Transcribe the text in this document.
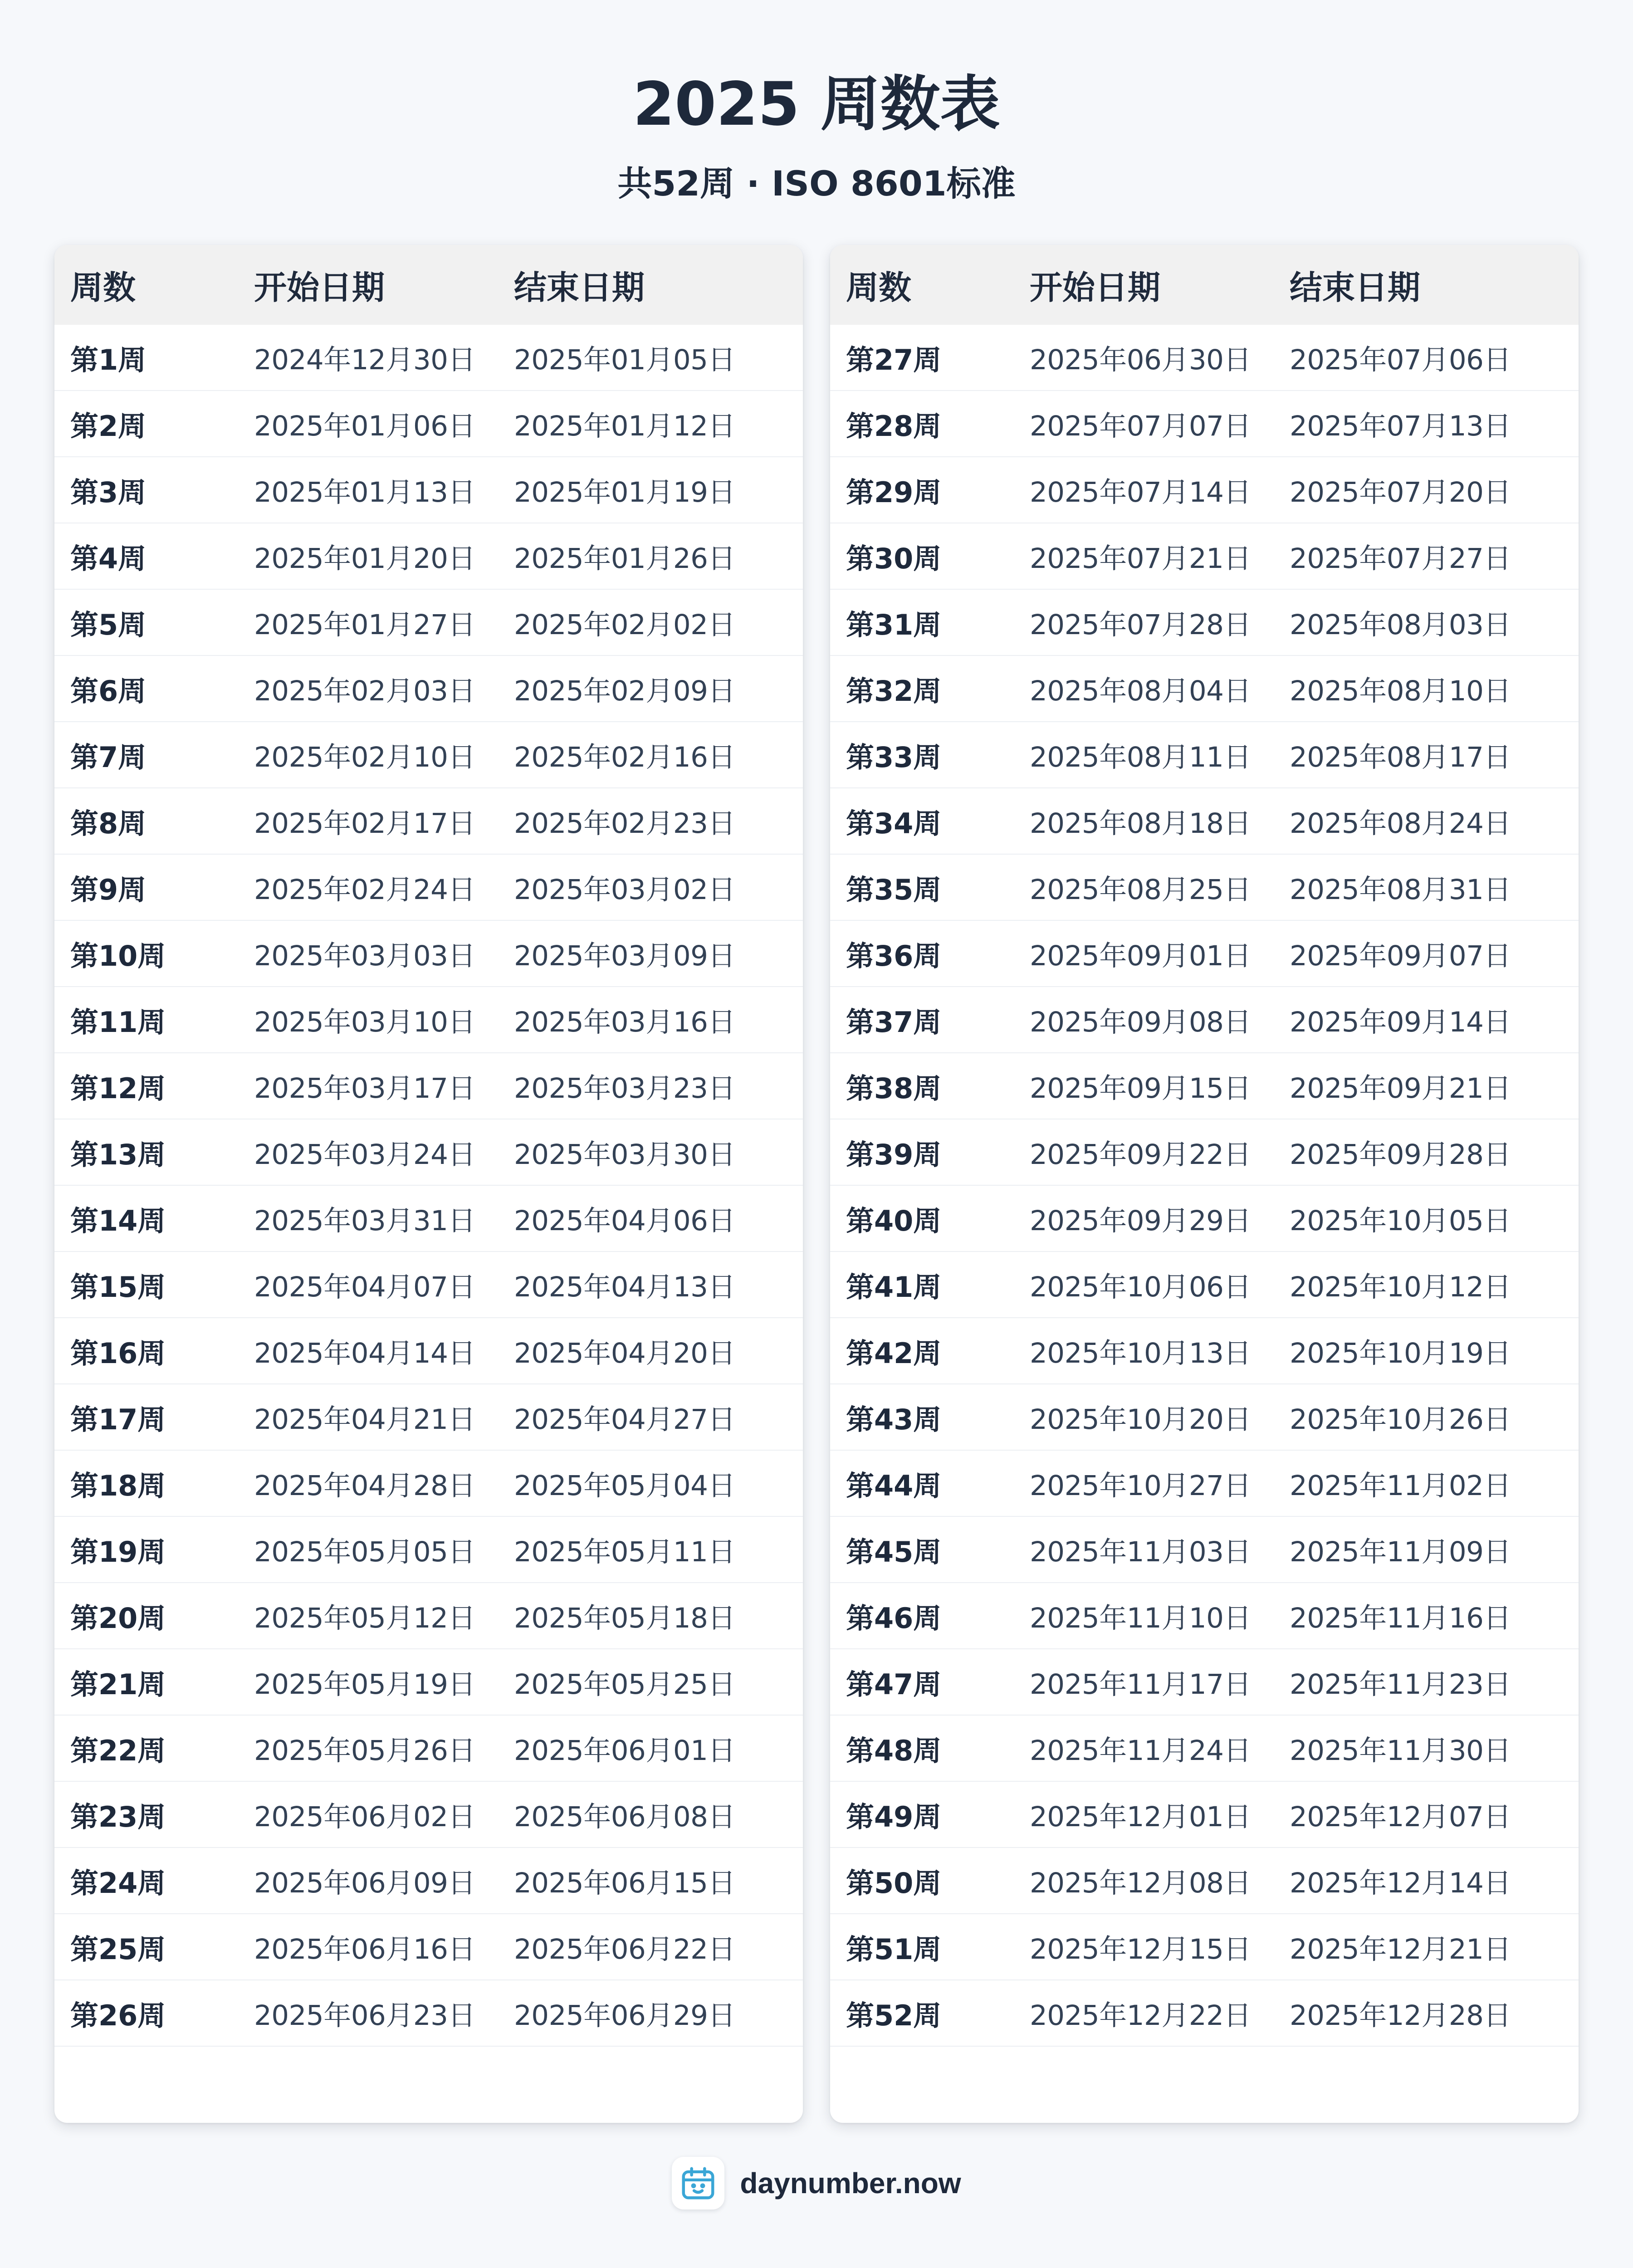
2025 周数表
共52周 · ISO 8601标准
周数	开始日期	结束日期
第1周	2024年12月30日	2025年01月05日
第2周	2025年01月06日	2025年01月12日
第3周	2025年01月13日	2025年01月19日
第4周	2025年01月20日	2025年01月26日
第5周	2025年01月27日	2025年02月02日
第6周	2025年02月03日	2025年02月09日
第7周	2025年02月10日	2025年02月16日
第8周	2025年02月17日	2025年02月23日
第9周	2025年02月24日	2025年03月02日
第10周	2025年03月03日	2025年03月09日
第11周	2025年03月10日	2025年03月16日
第12周	2025年03月17日	2025年03月23日
第13周	2025年03月24日	2025年03月30日
第14周	2025年03月31日	2025年04月06日
第15周	2025年04月07日	2025年04月13日
第16周	2025年04月14日	2025年04月20日
第17周	2025年04月21日	2025年04月27日
第18周	2025年04月28日	2025年05月04日
第19周	2025年05月05日	2025年05月11日
第20周	2025年05月12日	2025年05月18日
第21周	2025年05月19日	2025年05月25日
第22周	2025年05月26日	2025年06月01日
第23周	2025年06月02日	2025年06月08日
第24周	2025年06月09日	2025年06月15日
第25周	2025年06月16日	2025年06月22日
第26周	2025年06月23日	2025年06月29日
周数	开始日期	结束日期
第27周	2025年06月30日	2025年07月06日
第28周	2025年07月07日	2025年07月13日
第29周	2025年07月14日	2025年07月20日
第30周	2025年07月21日	2025年07月27日
第31周	2025年07月28日	2025年08月03日
第32周	2025年08月04日	2025年08月10日
第33周	2025年08月11日	2025年08月17日
第34周	2025年08月18日	2025年08月24日
第35周	2025年08月25日	2025年08月31日
第36周	2025年09月01日	2025年09月07日
第37周	2025年09月08日	2025年09月14日
第38周	2025年09月15日	2025年09月21日
第39周	2025年09月22日	2025年09月28日
第40周	2025年09月29日	2025年10月05日
第41周	2025年10月06日	2025年10月12日
第42周	2025年10月13日	2025年10月19日
第43周	2025年10月20日	2025年10月26日
第44周	2025年10月27日	2025年11月02日
第45周	2025年11月03日	2025年11月09日
第46周	2025年11月10日	2025年11月16日
第47周	2025年11月17日	2025年11月23日
第48周	2025年11月24日	2025年11月30日
第49周	2025年12月01日	2025年12月07日
第50周	2025年12月08日	2025年12月14日
第51周	2025年12月15日	2025年12月21日
第52周	2025年12月22日	2025年12月28日
daynumber.now
